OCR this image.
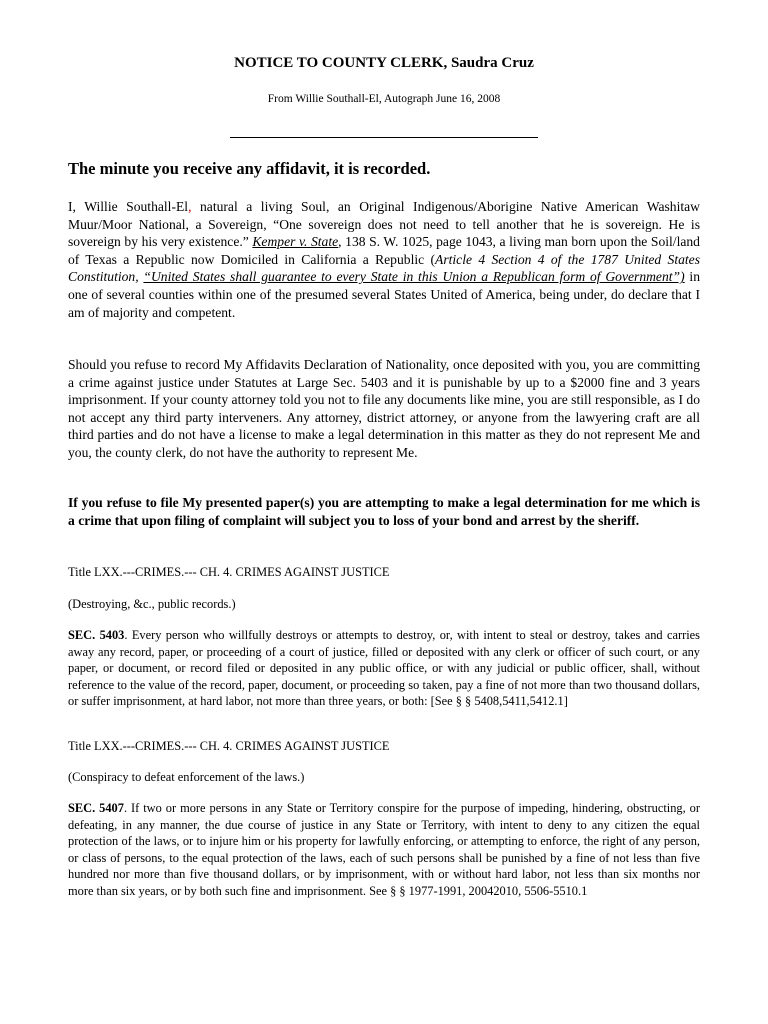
NOTICE TO COUNTY CLERK, Saudra Cruz
From Willie Southall-El, Autograph June 16, 2008
The minute you receive any affidavit, it is recorded.

I, Willie Southall-El, natural a living Soul, an Original Indigenous/Aborigine Native American Washitaw Muur/Moor National, a Sovereign, “One sovereign does not need to tell another that he is sovereign. He is sovereign by his very existence.” Kemper v. State, 138 S. W. 1025, page 1043, a living man born upon the Soil/land of Texas a Republic now Domiciled in California a Republic (Article 4 Section 4 of the 1787 United States Constitution, “United States shall guarantee to every State in this Union a Republican form of Government”) in one of several counties within one of the presumed several States United of America, being under, do declare that I am of majority and competent.

Should you refuse to record My Affidavits Declaration of Nationality, once deposited with you, you are committing a crime against justice under Statutes at Large Sec. 5403 and it is punishable by up to a $2000 fine and 3 years imprisonment. If your county attorney told you not to file any documents like mine, you are still responsible, as I do not accept any third party interveners. Any attorney, district attorney, or anyone from the lawyering craft are all third parties and do not have a license to make a legal determination in this matter as they do not represent Me and you, the county clerk, do not have the authority to represent Me.

If you refuse to file My presented paper(s) you are attempting to make a legal determination for me which is a crime that upon filing of complaint will subject you to loss of your bond and arrest by the sheriff.

Title LXX.---CRIMES.--- CH. 4. CRIMES AGAINST JUSTICE

(Destroying, &c., public records.)

SEC. 5403. Every person who willfully destroys or attempts to destroy, or, with intent to steal or destroy, takes and carries away any record, paper, or proceeding of a court of justice, filled or deposited with any clerk or officer of such court, or any paper, or document, or record filed or deposited in any public office, or with any judicial or public officer, shall, without reference to the value of the record, paper, document, or proceeding so taken, pay a fine of not more than two thousand dollars, or suffer imprisonment, at hard labor, not more than three years, or both: [See § § 5408,5411,5412.1]

Title LXX.---CRIMES.--- CH. 4. CRIMES AGAINST JUSTICE

(Conspiracy to defeat enforcement of the laws.)

SEC. 5407. If two or more persons in any State or Territory conspire for the purpose of impeding, hindering, obstructing, or defeating, in any manner, the due course of justice in any State or Territory, with intent to deny to any citizen the equal protection of the laws, or to injure him or his property for lawfully enforcing, or attempting to enforce, the right of any person, or class of persons, to the equal protection of the laws, each of such persons shall be punished by a fine of not less than five hundred nor more than five thousand dollars, or by imprisonment, with or without hard labor, not less than six months nor more than six years, or by both such fine and imprisonment. See § § 1977-1991, 20042010, 5506-5510.1
